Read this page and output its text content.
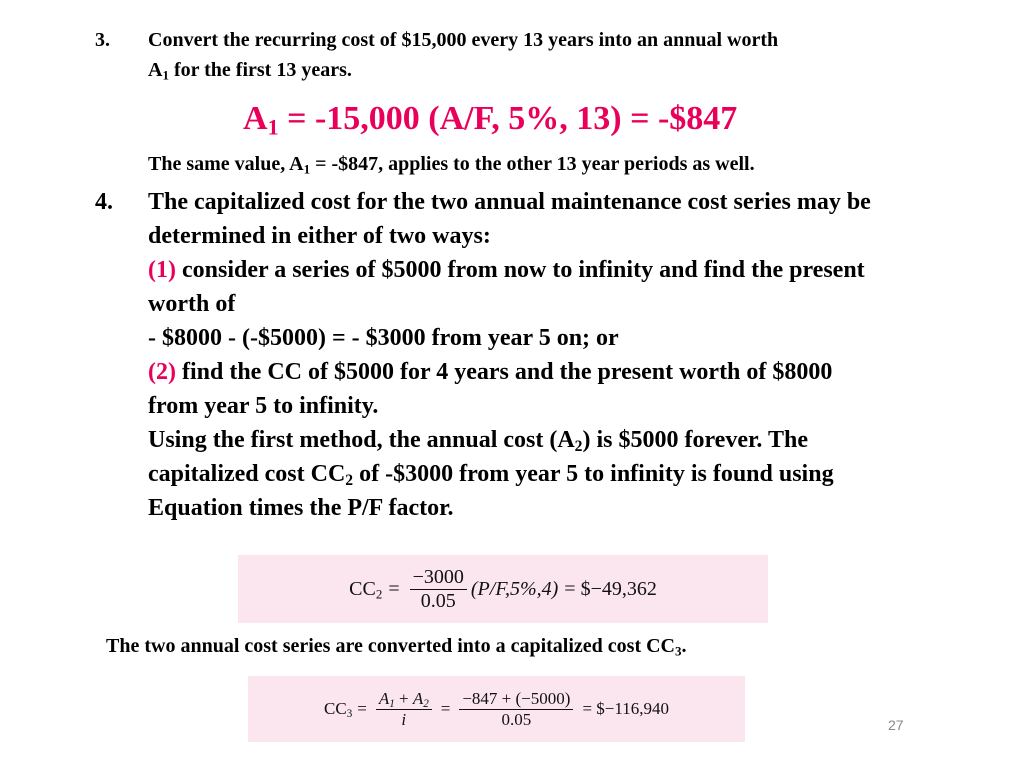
3. Convert the recurring cost of $15,000 every 13 years into an annual worth
$A_1$ for the first 13 years.
$A_1 = -15,000$ (A/F, 5%, 13) = -$847
The same value, $A_1$ = -$847, applies to the other 13 year periods as well.
4. The capitalized cost for the two annual maintenance cost series may be
determined in either of two ways:
(1) consider a series of $5000 from now to infinity and find the present
worth of
- $8000 - (-$5000) = - $3000 from year 5 on; or
(2) find the CC of $5000 for 4 years and the present worth of $8000
from year 5 to infinity.
Using the first method, the annual cost $(A_2)$ is $5000 forever. The
capitalized cost $CC_2$ of -$3000 from year 5 to infinity is found using
Equation times the P/F factor.
$CC_2 = \frac{-3000}{0.05} (P/F,5\%,4)$ = $−49,362
The two annual cost series are converted into a capitalized cost $CC_3$.
$CC_3 = \frac{A_1 + A_2}{i} = \frac{-847 + (-5000)}{0.05}$ = $−116,940
27
